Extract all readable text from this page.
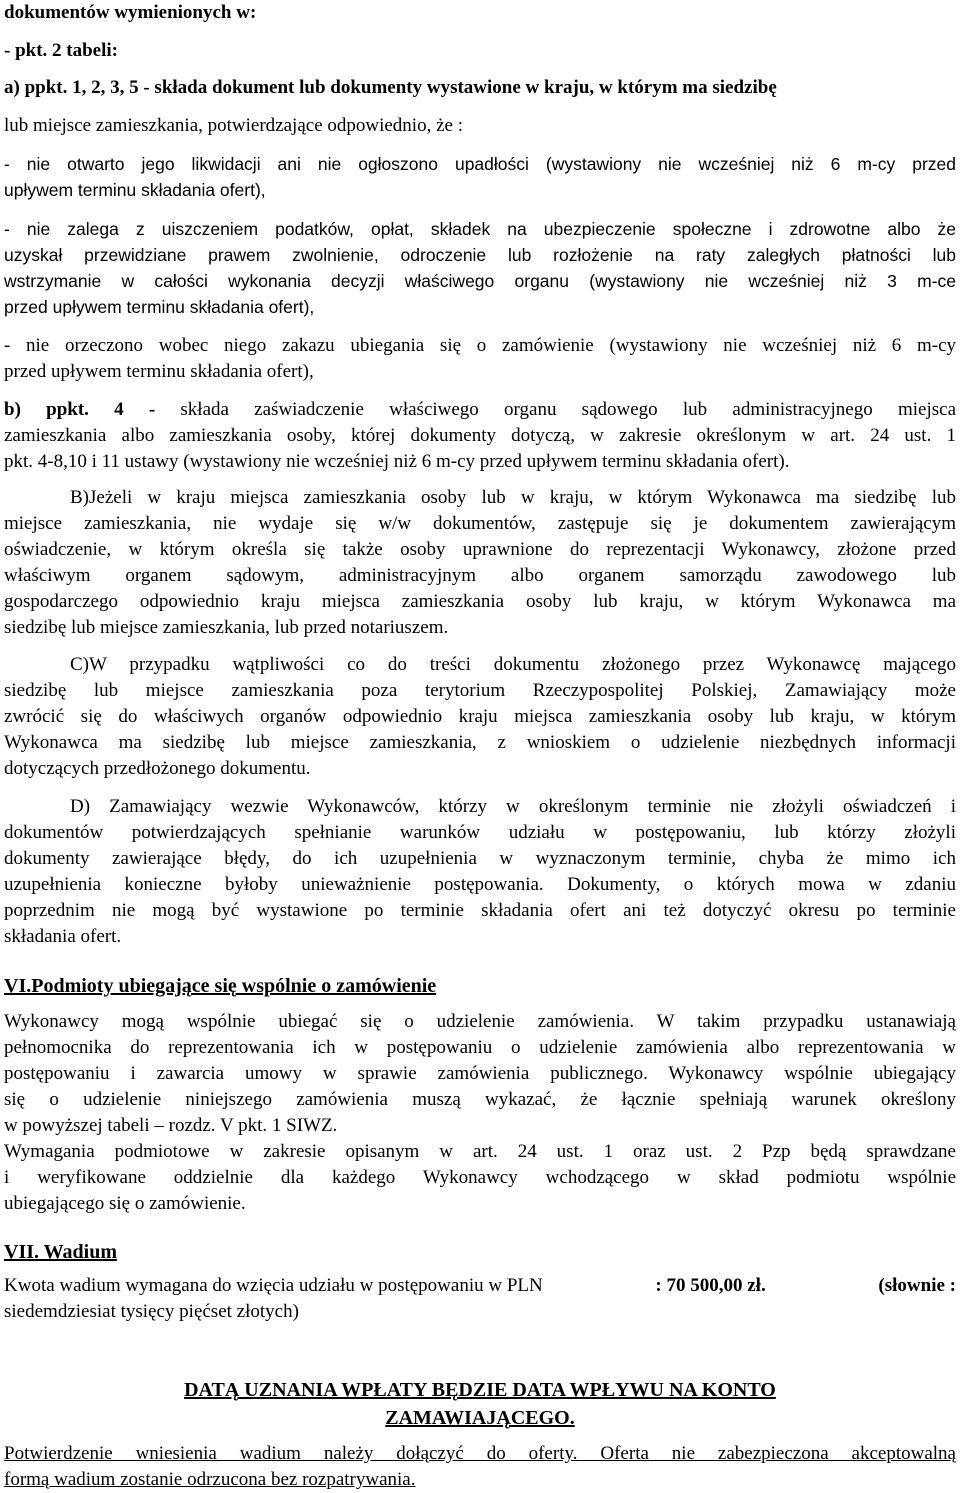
dokumentów wymienionych w:
- pkt. 2 tabeli:
a) ppkt. 1, 2, 3, 5 - składa dokument lub dokumenty wystawione w kraju, w którym ma siedzibę
lub miejsce zamieszkania, potwierdzające odpowiednio, że :
- nie otwarto jego likwidacji ani nie ogłoszono upadłości (wystawiony nie wcześniej niż 6 m-cy przed
upływem terminu składania ofert),
- nie zalega z uiszczeniem podatków, opłat, składek na ubezpieczenie społeczne i zdrowotne albo że
uzyskał przewidziane prawem zwolnienie, odroczenie lub rozłożenie na raty zaległych płatności lub
wstrzymanie w całości wykonania decyzji właściwego organu (wystawiony nie wcześniej niż 3 m-ce
przed upływem terminu składania ofert),
- nie orzeczono wobec niego zakazu ubiegania się o zamówienie (wystawiony nie wcześniej niż 6 m-cy
przed upływem terminu składania ofert),
b) ppkt. 4 - składa zaświadczenie właściwego organu sądowego lub administracyjnego miejsca
zamieszkania albo zamieszkania osoby, której dokumenty dotyczą, w zakresie określonym w art. 24 ust. 1
pkt. 4-8,10 i 11 ustawy (wystawiony nie wcześniej niż 6 m-cy przed upływem terminu składania ofert).
B)Jeżeli w kraju miejsca zamieszkania osoby lub w kraju, w którym Wykonawca ma siedzibę lub
miejsce zamieszkania, nie wydaje się w/w dokumentów, zastępuje się je dokumentem zawierającym
oświadczenie, w którym określa się także osoby uprawnione do reprezentacji Wykonawcy, złożone przed
właściwym organem sądowym, administracyjnym albo organem samorządu zawodowego lub
gospodarczego odpowiednio kraju miejsca zamieszkania osoby lub kraju, w którym Wykonawca ma
siedzibę lub miejsce zamieszkania, lub przed notariuszem.
C)W przypadku wątpliwości co do treści dokumentu złożonego przez Wykonawcę mającego
siedzibę lub miejsce zamieszkania poza terytorium Rzeczypospolitej Polskiej, Zamawiający może
zwrócić się do właściwych organów odpowiednio kraju miejsca zamieszkania osoby lub kraju, w którym
Wykonawca ma siedzibę lub miejsce zamieszkania, z wnioskiem o udzielenie niezbędnych informacji
dotyczących przedłożonego dokumentu.
D) Zamawiający wezwie Wykonawców, którzy w określonym terminie nie złożyli oświadczeń i
dokumentów potwierdzających spełnianie warunków udziału w postępowaniu, lub którzy złożyli
dokumenty zawierające błędy, do ich uzupełnienia w wyznaczonym terminie, chyba że mimo ich
uzupełnienia konieczne byłoby unieważnienie postępowania. Dokumenty, o których mowa w zdaniu
poprzednim nie mogą być wystawione po terminie składania ofert ani też dotyczyć okresu po terminie
składania ofert.
VI.Podmioty ubiegające się wspólnie o zamówienie
Wykonawcy mogą wspólnie ubiegać się o udzielenie zamówienia. W takim przypadku ustanawiają
pełnomocnika do reprezentowania ich w postępowaniu o udzielenie zamówienia albo reprezentowania w
postępowaniu i zawarcia umowy w sprawie zamówienia publicznego. Wykonawcy wspólnie ubiegający
się o udzielenie niniejszego zamówienia muszą wykazać, że łącznie spełniają warunek określony
w powyższej tabeli – rozdz. V pkt. 1 SIWZ.
Wymagania podmiotowe w zakresie opisanym w art. 24 ust. 1 oraz ust. 2 Pzp będą sprawdzane
i weryfikowane oddzielnie dla każdego Wykonawcy wchodzącego w skład podmiotu wspólnie
ubiegającego się o zamówienie.
VII. Wadium
Kwota wadium wymagana do wzięcia udziału w postępowaniu w PLN	: 70 500,00 zł.	(słownie :
siedemdziesiat tysięcy pięćset złotych)
DATĄ UZNANIA WPŁATY BĘDZIE DATA WPŁYWU NA KONTO
ZAMAWIAJĄCEGO.
Potwierdzenie wniesienia wadium należy dołączyć do oferty. Oferta nie zabezpieczona akceptowalną
formą wadium zostanie odrzucona bez rozpatrywania.
